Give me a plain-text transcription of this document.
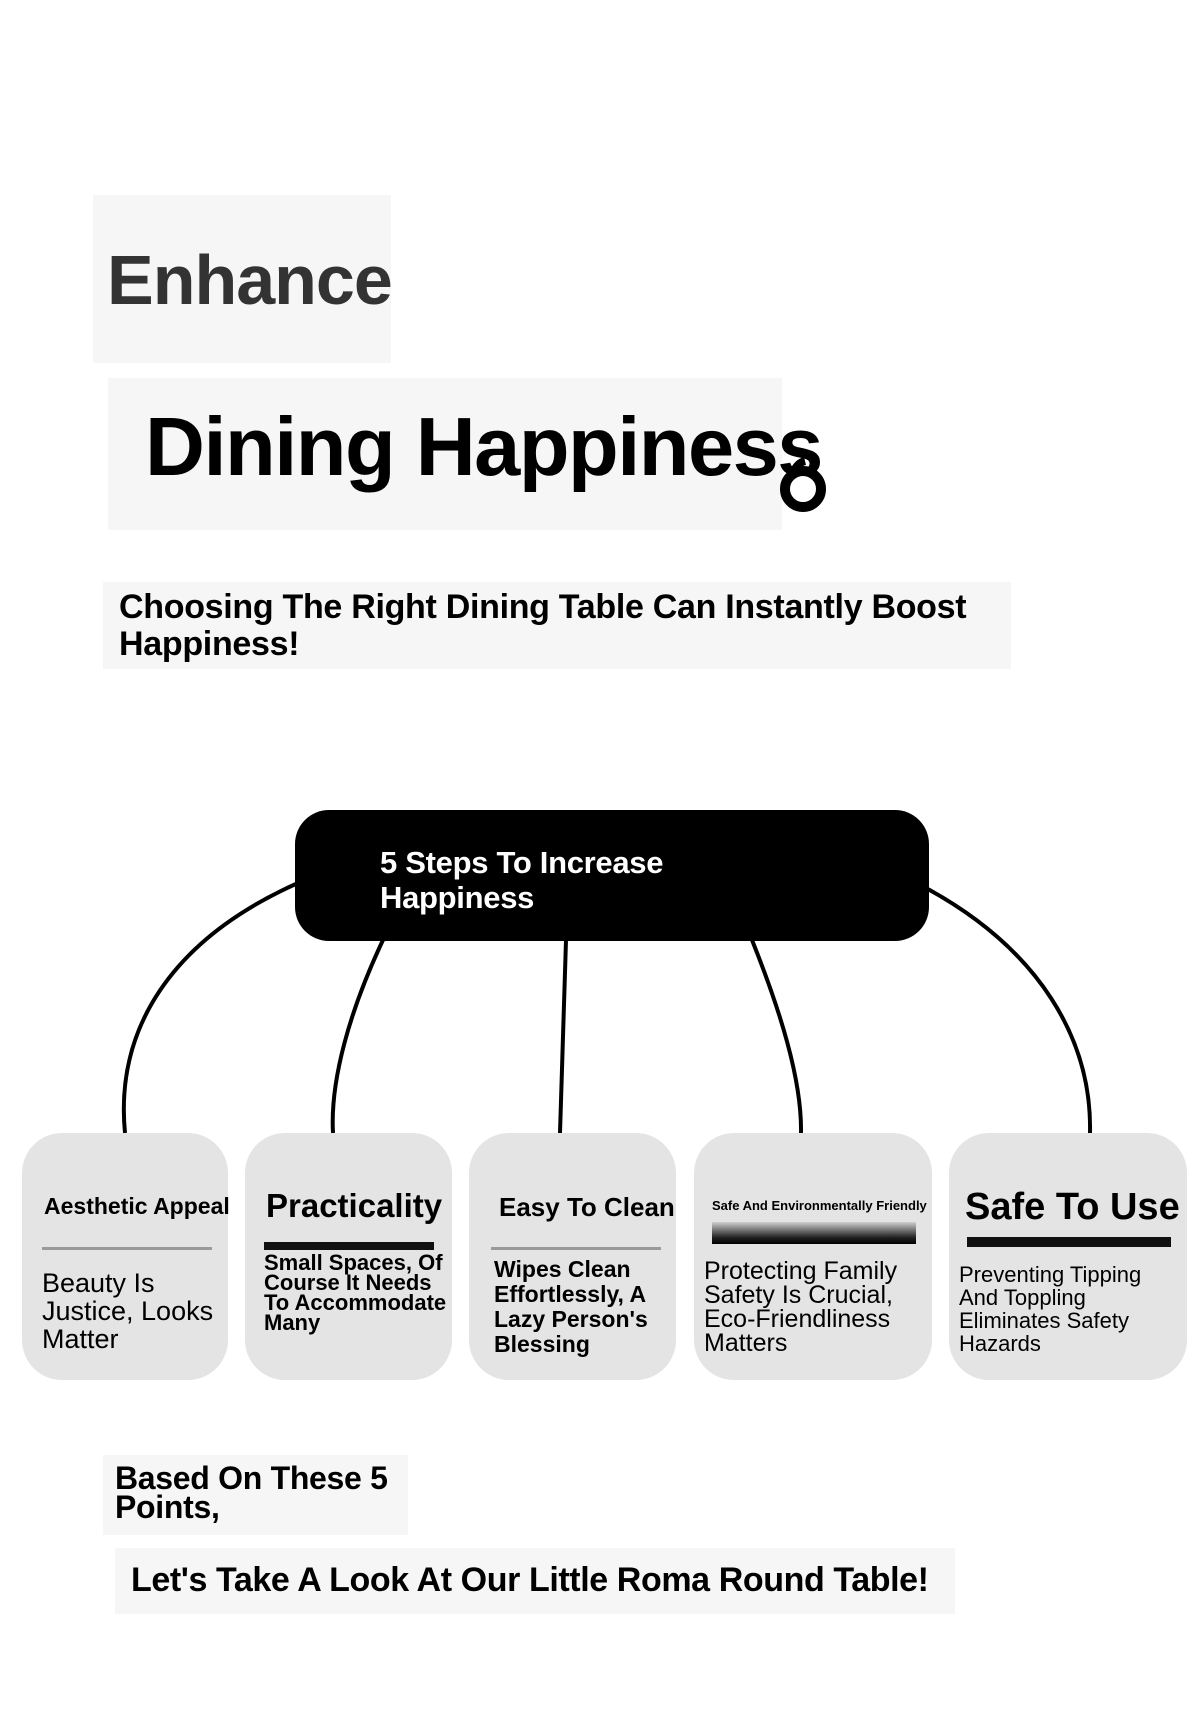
Enhance
Dining Happiness

Choosing The Right Dining Table Can Instantly Boost Happiness!

5 Steps To Increase Happiness
Aesthetic Appeal
Beauty Is Justice, Looks Matter
Practicality
Small Spaces, Of Course It Needs To Accommodate Many
Easy To Clean
Wipes Clean Effortlessly, A Lazy Person's Blessing
Safe And Environmentally Friendly
Protecting Family Safety Is Crucial, Eco-Friendliness Matters
Safe To Use
Preventing Tipping And Toppling Eliminates Safety Hazards

Based On These 5 Points,

Let's Take A Look At Our Little Roma Round Table!
